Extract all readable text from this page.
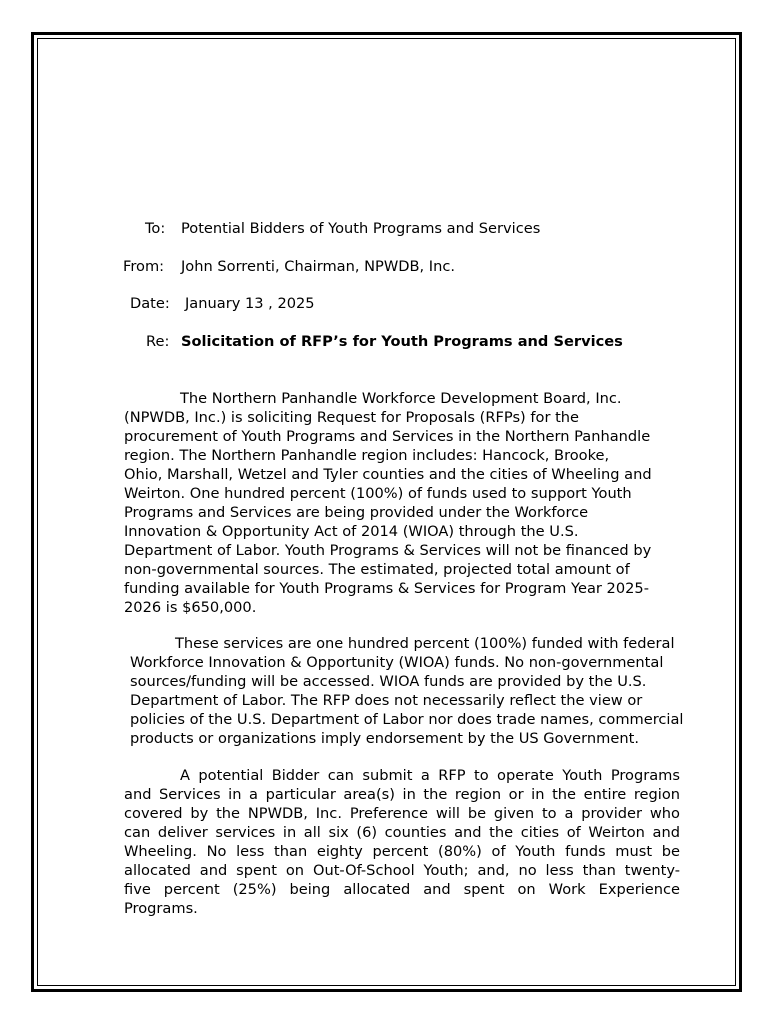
To: Potential Bidders of Youth Programs and Services
From: John Sorrenti, Chairman, NPWDB, Inc.
Date: January 13 , 2025
Re: Solicitation of RFP’s for Youth Programs and Services
The Northern Panhandle Workforce Development Board, Inc.
(NPWDB, Inc.) is soliciting Request for Proposals (RFPs) for the
procurement of Youth Programs and Services in the Northern Panhandle
region. The Northern Panhandle region includes: Hancock, Brooke,
Ohio, Marshall, Wetzel and Tyler counties and the cities of Wheeling and
Weirton. One hundred percent (100%) of funds used to support Youth
Programs and Services are being provided under the Workforce
Innovation & Opportunity Act of 2014 (WIOA) through the U.S.
Department of Labor. Youth Programs & Services will not be financed by
non-governmental sources. The estimated, projected total amount of
funding available for Youth Programs & Services for Program Year 2025-
2026 is $650,000.
These services are one hundred percent (100%) funded with federal
Workforce Innovation & Opportunity (WIOA) funds. No non-governmental
sources/funding will be accessed. WIOA funds are provided by the U.S.
Department of Labor. The RFP does not necessarily reflect the view or
policies of the U.S. Department of Labor nor does trade names, commercial
products or organizations imply endorsement by the US Government.
A potential Bidder can submit a RFP to operate Youth Programs
and Services in a particular area(s) in the region or in the entire region
covered by the NPWDB, Inc. Preference will be given to a provider who
can deliver services in all six (6) counties and the cities of Weirton and
Wheeling. No less than eighty percent (80%) of Youth funds must be
allocated and spent on Out-Of-School Youth; and, no less than twenty-
five percent (25%) being allocated and spent on Work Experience
Programs.
